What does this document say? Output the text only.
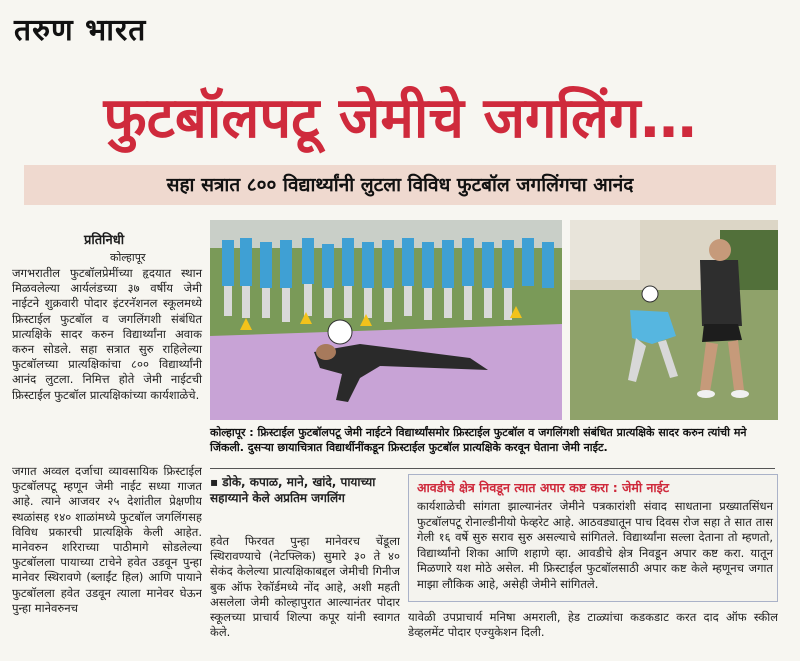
तरुण भारत
फुटबॉलपटू जेमीचे जगलिंग…
सहा सत्रात ८०० विद्यार्थ्यांनी लुटला विविध फुटबॉल जगलिंगचा आनंद
प्रतिनिधी
कोल्हापूर
जगभरातील फुटबॉलप्रेमींच्या हृदयात स्थान मिळवलेल्या आर्यलंडच्या ३७ वर्षीय जेमी नाईटने शुक्रवारी पोदार इंटरनॅशनल स्कूलमध्ये फ्रिस्टाईल फुटबॉल व जगलिंगशी संबंधित प्रात्यक्षिके सादर करुन विद्यार्थ्यांना अवाक करुन सोडले. सहा सत्रात सुरु राहिलेल्या फुटबॉलच्या प्रात्यक्षिकांचा ८०० विद्यार्थ्यांनी आनंद लुटला. निमित्त होते जेमी नाईटची फ्रिस्टाईल फुटबॉल प्रात्यक्षिकांच्या कार्यशाळेचे.
जगात अव्वल दर्जाचा व्यावसायिक फ्रिस्टाईल फुटबॉलपटू म्हणून जेमी नाईट सध्या गाजत आहे. त्याने आजवर २५ देशांतील प्रेक्षणीय स्थळांसह १४० शाळांमध्ये फुटबॉल जगलिंगसह विविध प्रकारची प्रात्यक्षिके केली आहेत. मानेवरुन शरिराच्या पाठीमागे सोडलेल्या फुटबॉलला पायाच्या टाचेने हवेत उडवून पुन्हा मानेवर स्थिरावणे (ब्लाईंट हिल) आणि पायाने फुटबॉलला हवेत उडवून त्याला मानेवर घेऊन पुन्हा मानेवरुनच
कोल्हापूर : फ्रिस्टाईल फुटबॉलपटू जेमी नाईटने विद्यार्थ्यांसमोर फ्रिस्टाईल फुटबॉल व जगलिंगशी संबंधित प्रात्यक्षिके सादर करुन त्यांची मने जिंकली. दुसऱ्या छायाचित्रात विद्यार्थीनींकडून फ्रिस्टाईल फुटबॉल प्रात्यक्षिके करवून घेताना जेमी नाईट.
▪ डोके, कपाळ, माने, खांदे, पायाच्या सहाय्याने केले अप्रतिम जगलिंग
हवेत फिरवत पुन्हा मानेवरच चेंडूला स्थिरावण्याचे (नेटफ्लिक) सुमारे ३० ते ४० सेकंद केलेल्या प्रात्यक्षिकाबद्दल जेमीची गिनीज बुक ऑफ रेकॉर्डमध्ये नोंद आहे, अशी महती असलेला जेमी कोल्हापुरात आल्यानंतर पोदार स्कूलच्या प्राचार्य शिल्पा कपूर यांनी स्वागत केले.
आवडीचे क्षेत्र निवडून त्यात अपार कष्ट करा : जेमी नाईट
कार्यशाळेची सांगता झाल्यानंतर जेमीने पत्रकारांशी संवाद साधताना प्रख्यातसिंधन फुटबॉलपटू रोनाल्डीनीयो फेव्हरेट आहे. आठवड्यातून पाच दिवस रोज सहा ते सात तास गेली १६ वर्षे सुरु सराव सुरु असल्याचे सांगितले. विद्यार्थ्यांना सल्ला देताना तो म्हणतो, विद्यार्थ्यांनो शिका आणि शहाणे व्हा. आवडीचे क्षेत्र निवडून अपार कष्ट करा. यातून मिळणारे यश मोठे असेल. मी फ्रिस्टाईल फुटबॉलसाठी अपार कष्ट केले म्हणूनच जगात माझा लौकिक आहे, असेही जेमीने सांगितले.
यावेळी उपप्राचार्य मनिषा अमराली, हेड टाळ्यांचा कडकडाट करत दाद ऑफ स्कील डेव्हलमेंट पोदार एज्युकेशन दिली.
